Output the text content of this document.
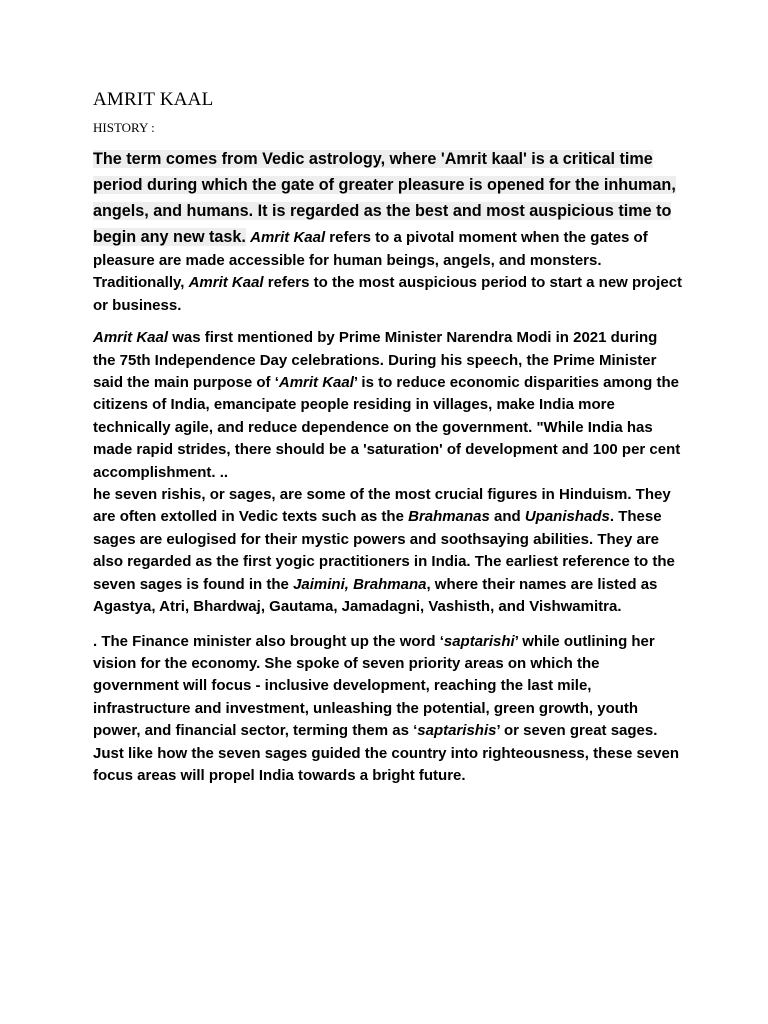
AMRIT KAAL
HISTORY :

The term comes from Vedic astrology, where 'Amrit kaal' is a critical time period during which the gate of greater pleasure is opened for the inhuman, angels, and humans. It is regarded as the best and most auspicious time to begin any new task. Amrit Kaal refers to a pivotal moment when the gates of pleasure are made accessible for human beings, angels, and monsters. Traditionally, Amrit Kaal refers to the most auspicious period to start a new project or business.

Amrit Kaal was first mentioned by Prime Minister Narendra Modi in 2021 during the 75th Independence Day celebrations. During his speech, the Prime Minister said the main purpose of ‘Amrit Kaal’ is to reduce economic disparities among the citizens of India, emancipate people residing in villages, make India more technically agile, and reduce dependence on the government. "While India has made rapid strides, there should be a 'saturation' of development and 100 per cent accomplishment. ..

he seven rishis, or sages, are some of the most crucial figures in Hinduism. They are often extolled in Vedic texts such as the Brahmanas and Upanishads. These sages are eulogised for their mystic powers and soothsaying abilities. They are also regarded as the first yogic practitioners in India. The earliest reference to the seven sages is found in the Jaimini, Brahmana, where their names are listed as Agastya, Atri, Bhardwaj, Gautama, Jamadagni, Vashisth, and Vishwamitra.

. The Finance minister also brought up the word ‘saptarishi’ while outlining her vision for the economy. She spoke of seven priority areas on which the government will focus - inclusive development, reaching the last mile, infrastructure and investment, unleashing the potential, green growth, youth power, and financial sector, terming them as ‘saptarishis’ or seven great sages. Just like how the seven sages guided the country into righteousness, these seven focus areas will propel India towards a bright future.
